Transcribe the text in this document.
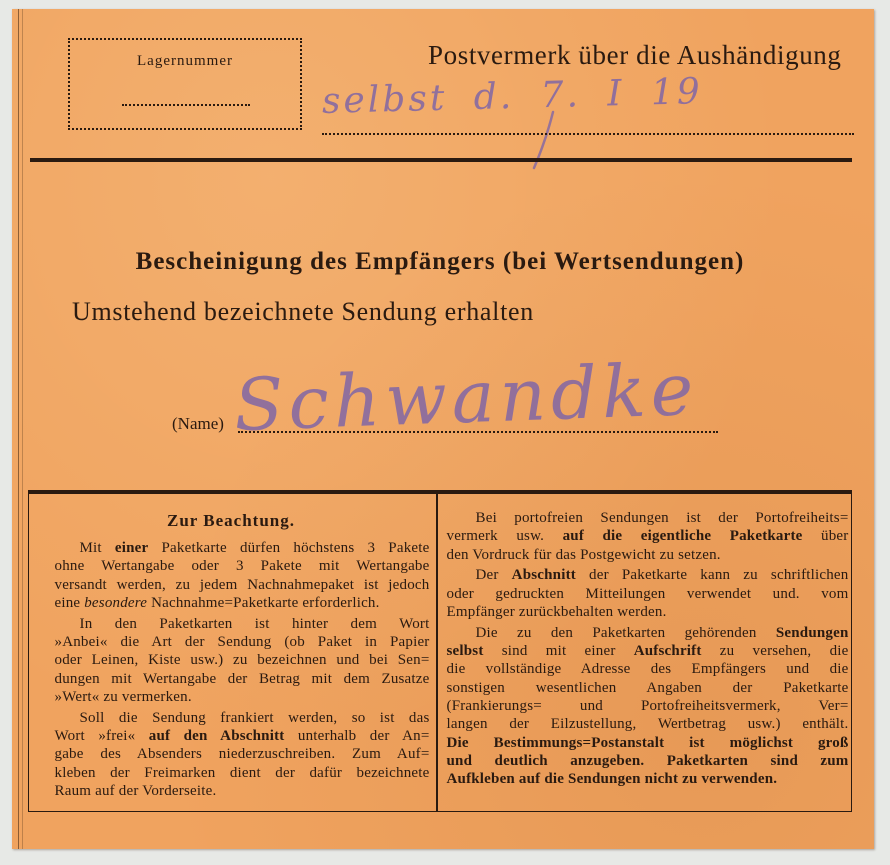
Lagernummer	Postvermerk über die Aushändigung
selbst d. 7. I 19
Bescheinigung des Empfängers (bei Wertsendungen)
Umstehend bezeichnete Sendung erhalten
Schwandke
(Name)
Zur Beachtung.
Mit einer Paketkarte dürfen höchstens 3 Pakete
ohne Wertangabe oder 3 Pakete mit Wertangabe
versandt werden, zu jedem Nachnahmepaket ist jedoch
eine besondere Nachnahme=Paketkarte erforderlich.
In den Paketkarten ist hinter dem Wort
»Anbei« die Art der Sendung (ob Paket in Papier
oder Leinen, Kiste usw.) zu bezeichnen und bei Sen=
dungen mit Wertangabe der Betrag mit dem Zusatze
»Wert« zu vermerken.
Soll die Sendung frankiert werden, so ist das
Wort »frei« auf den Abschnitt unterhalb der An=
gabe des Absenders niederzuschreiben. Zum Auf=
kleben der Freimarken dient der dafür bezeichnete
Raum auf der Vorderseite.
Bei portofreien Sendungen ist der Portofreiheits=
vermerk usw. auf die eigentliche Paketkarte über
den Vordruck für das Postgewicht zu setzen.
Der Abschnitt der Paketkarte kann zu schriftlichen
oder gedruckten Mitteilungen verwendet und. vom
Empfänger zurückbehalten werden.
Die zu den Paketkarten gehörenden Sendungen
selbst sind mit einer Aufschrift zu versehen, die
die vollständige Adresse des Empfängers und die
sonstigen wesentlichen Angaben der Paketkarte
(Frankierungs= und Portofreiheitsvermerk, Ver=
langen der Eilzustellung, Wertbetrag usw.) enthält.
Die Bestimmungs=Postanstalt ist möglichst groß
und deutlich anzugeben. Paketkarten sind zum
Aufkleben auf die Sendungen nicht zu verwenden.
